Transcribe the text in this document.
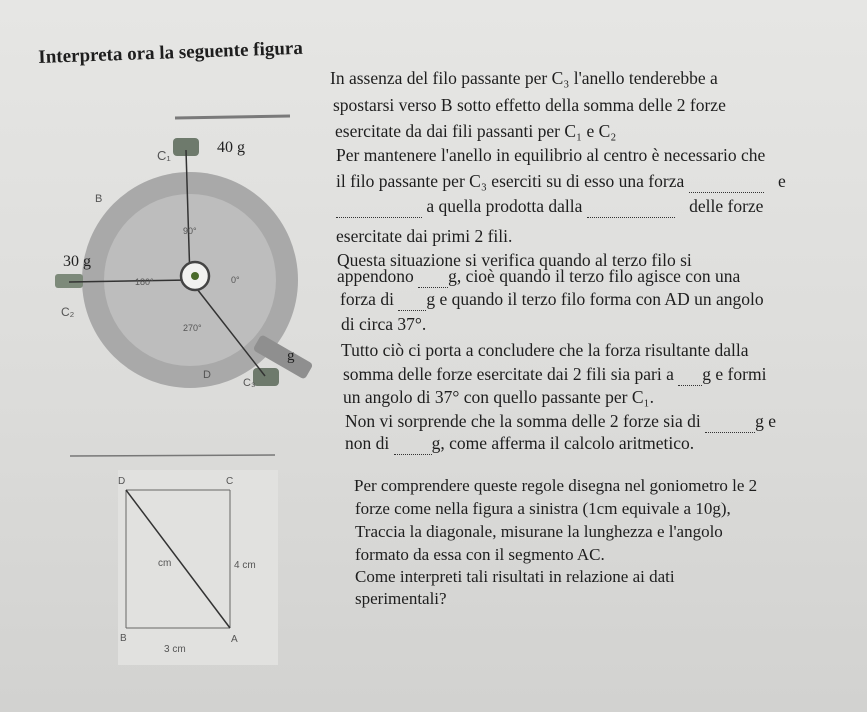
Interpreta ora la seguente figura
C₁	40 g
B
30 g
C₂
90°
180°	0°
270°
g
D
C₃
D	C
B	A
4 cm
3 cm
cm
In assenza del filo passante per C₃ l'anello tenderebbe a
spostarsi verso B sotto effetto della somma delle 2 forze
esercitate da dai fili passanti per C₁ e C₂
Per mantenere l'anello in equilibrio al centro è necessario che
il filo passante per C₃ eserciti su di esso una forza	e
a quella prodotta dalla	delle forze
esercitate dai primi 2 fili.
Questa situazione si verifica quando al terzo filo si
appendono g, cioè quando il terzo filo agisce con una
forza di g e quando il terzo filo forma con AD un angolo
di circa 37°.
Tutto ciò ci porta a concludere che la forza risultante dalla
somma delle forze esercitate dai 2 fili sia pari a g e formi
un angolo di 37° con quello passante per C₁.
Non vi sorprende che la somma delle 2 forze sia di	g e
non di g, come afferma il calcolo aritmetico.
Per comprendere queste regole disegna nel goniometro le 2
forze come nella figura a sinistra (1cm equivale a 10g),
Traccia la diagonale, misurane la lunghezza e l'angolo
formato da essa con il segmento AC.
Come interpreti tali risultati in relazione ai dati
sperimentali?
